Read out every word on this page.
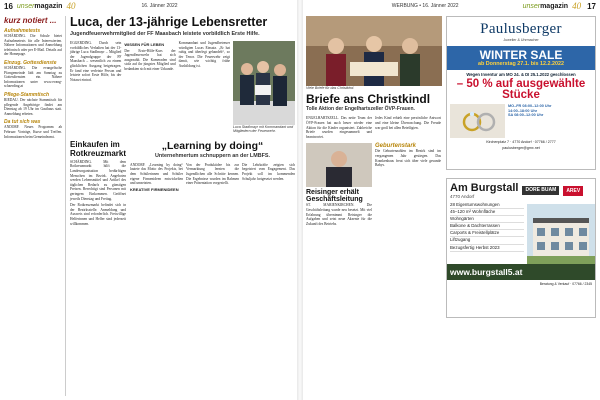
16 unsermagazin 40	16. Jänner 2022	WERBUNG • 16. Jänner 2022	unsermagazin 40 17
kurz notiert ...
Aufnahmetests
SCHÄRDING. Die Schule bietet Aufnahmetests für alle Interessierten. Nähere Informationen und Anmeldung telefonisch oder per E-Mail. Details auf der Homepage.
Einzug. Gottesdienste
SCHÄRDING. Die evangelische Pfarrgemeinde lädt am Sonntag zu Gottesdiensten ein. Nähere Informationen unter www.evang-schaerding.at
Pflege-Stammtisch
RIEDAU. Der nächste Stammtisch für pflegende Angehörige findet am Dienstag ab 19 Uhr im Gasthaus statt. Anmeldung erbeten.
Da tut sich was
ANDORF. Neues Programm ab Februar: Vorträge, Kurse und Treffen. Informationen beim Gemeindeamt.
Luca, der 13-jährige Lebensretter
Jugendfeuerwehrmitglied der FF Maasbach leistete vorbildlich Erste Hilfe.
EGGERDING. Durch sein vorbildliches Verhalten hat der 13-jährige Luca Stadlmayr – Mitglied der Jugendgruppe der FF Maasbach – wesentlich zu einem glücklichen Ausgang beigetragen. Er fand eine verletzte Person und leistete sofort Erste Hilfe, bis der Notarzt eintraf.
WISSEN FÜR LEBEN
Der Erste-Hilfe-Kurs der Jugendfeuerwehr hat sich ausgezahlt. Die Kameraden sind stolz auf ihr jüngstes Mitglied und bedankten sich mit einer Urkunde.
Kommandant und Jugendbetreuer würdigten Lucas Einsatz. „Er hat ruhig und überlegt gehandelt“, so der Tenor. Die Feuerwehr zeigt damit, wie wichtig frühe Ausbildung ist.
Luca Stadlmayr mit Kommandant und Mitgliedern der Feuerwehr.
Einkaufen im Rotkreuzmarkt
SCHÄRDING. Mit dem Rotkreuzmarkt hilft die Landesorganisation bedürftigen Menschen im Bezirk. Angeboten werden Lebensmittel und Artikel des täglichen Bedarfs zu günstigen Preisen. Berechtigt sind Personen mit geringem Einkommen. Geöffnet jeweils Dienstag und Freitag.
Der Rotkreuzmarkt befindet sich in der Bezirksstelle. Anmeldung und Ausweis sind erforderlich. Freiwillige Helferinnen und Helfer sind jederzeit willkommen.
„Learning by doing“
Unternehmertum schnuppern an der LMBFS.
ANDORF. „Learning by doing“ lautete das Motto des Projekts, bei dem Schülerinnen und Schüler eigene Firmenideen entwickelten und umsetzten.
KREATIVE FIRMENIDEEN
Von der Produktidee bis zur Vermarktung lernten die Jugendlichen alle Schritte kennen. Die Ergebnisse wurden im Rahmen einer Präsentation vorgestellt.
Die Lehrkräfte zeigten sich begeistert vom Engagement. Das Projekt soll im kommenden Schuljahr fortgesetzt werden.
Viele Briefe für das Christkind.
Briefe ans Christkindl
Tolle Aktion der Engelhartszeller ÖVP-Frauen.
ENGELHARTSZELL. Das nette Team der ÖVP-Frauen hat auch heuer wieder eine Aktion für die Kinder organisiert. Zahlreiche Briefe wurden eingesammelt und beantwortet.
Jedes Kind erhielt eine persönliche Antwort und eine kleine Überraschung. Die Freude war groß bei allen Beteiligten.
Reisinger erhält Geschäftsleitung
ST. MARIENKIRCHEN. Die Geschäftsleitung wurde neu besetzt. Mit viel Erfahrung übernimmt Reisinger die Aufgaben und setzt neue Akzente für die Zukunft des Betriebs.
Geburtenstark
Die Geburtenzahlen im Bezirk sind im vergangenen Jahr gestiegen. Das Krankenhaus freut sich über viele gesunde Babys.
Paulusberger
Juwelier & Uhrmacher
WINTER SALE
ab Donnerstag 27.1. bis 12.2.2022
Wegen Inventur am MO 24. & DI 25.1.2022 geschlossen
– 50 % auf ausgewählte Stücke
MO–FR 08:00–12:00 Uhr
14:00–18:00 Uhr
SA 08:00–12:00 Uhr
Kirchenplatz 7 · 4770 Andorf · 07766 / 2777
paulusberger@gmx.net
Am Burgstall
4770 Andorf
DORE BUAM	AREV
28 Eigentumswohnungen
45–120 m² Wohnfläche
Wohngärten
Balkone & Dachterrassen
Carports & Freistellplätze
Liftzugang
Bezugsfertig Herbst 2023
www.burgstall5.at
Beratung & Verkauf · 07766 / 2345
